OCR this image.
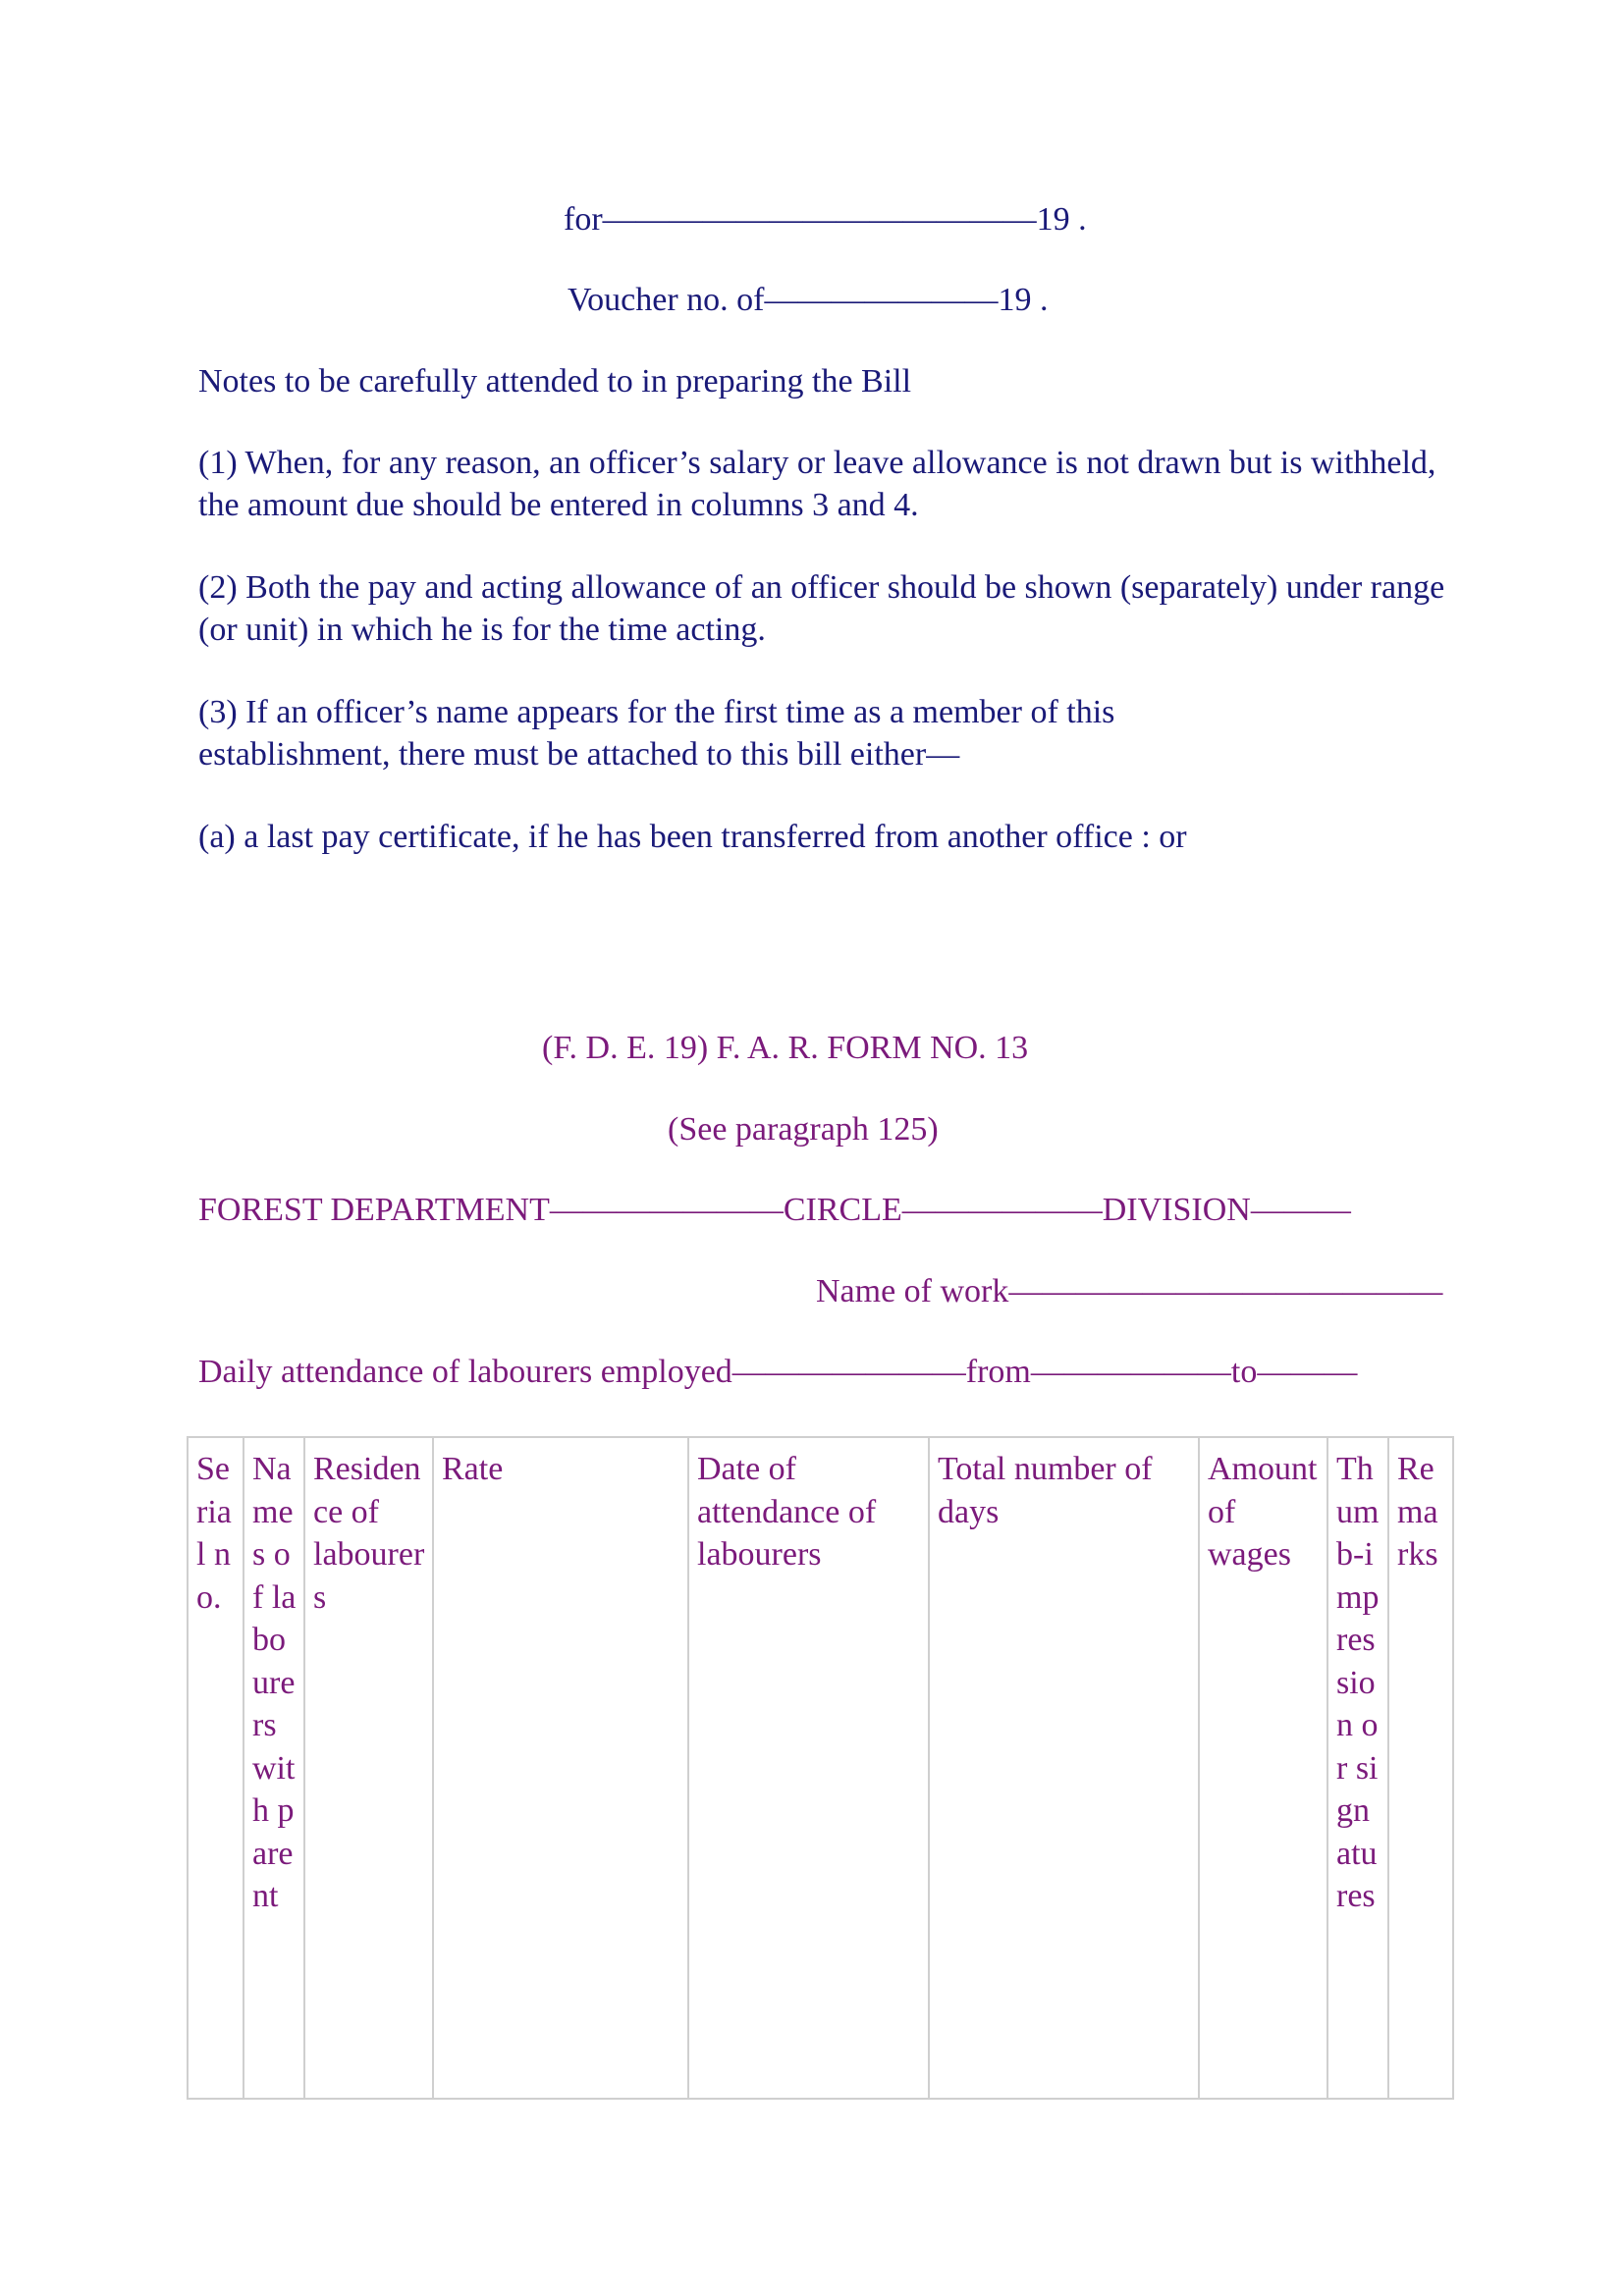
for—————————————19 .
Voucher no. of———————19 .
Notes to be carefully attended to in preparing the Bill
(1) When, for any reason, an officer’s salary or leave allowance is not drawn but is withheld, the amount due should be entered in columns 3 and 4.
(2) Both the pay and acting allowance of an officer should be shown (separately) under range (or unit) in which he is for the time acting.
(3) If an officer’s name appears for the first time as a member of this establishment, there must be attached to this bill either—
(a) a last pay certificate, if he has been transferred from another office : or
(F. D. E. 19) F. A. R. FORM NO. 13
(See paragraph 125)
FOREST DEPARTMENT———————CIRCLE——————DIVISION———
Name of work—————————————
Daily attendance of labourers employed———————from——————to———
Serial no.	Names of labourers with parent	Residence of labourers	Rate	Date of attendance of labourers	Total number of days	Amount of wages	Thumb-impression or signatures	Remarks
